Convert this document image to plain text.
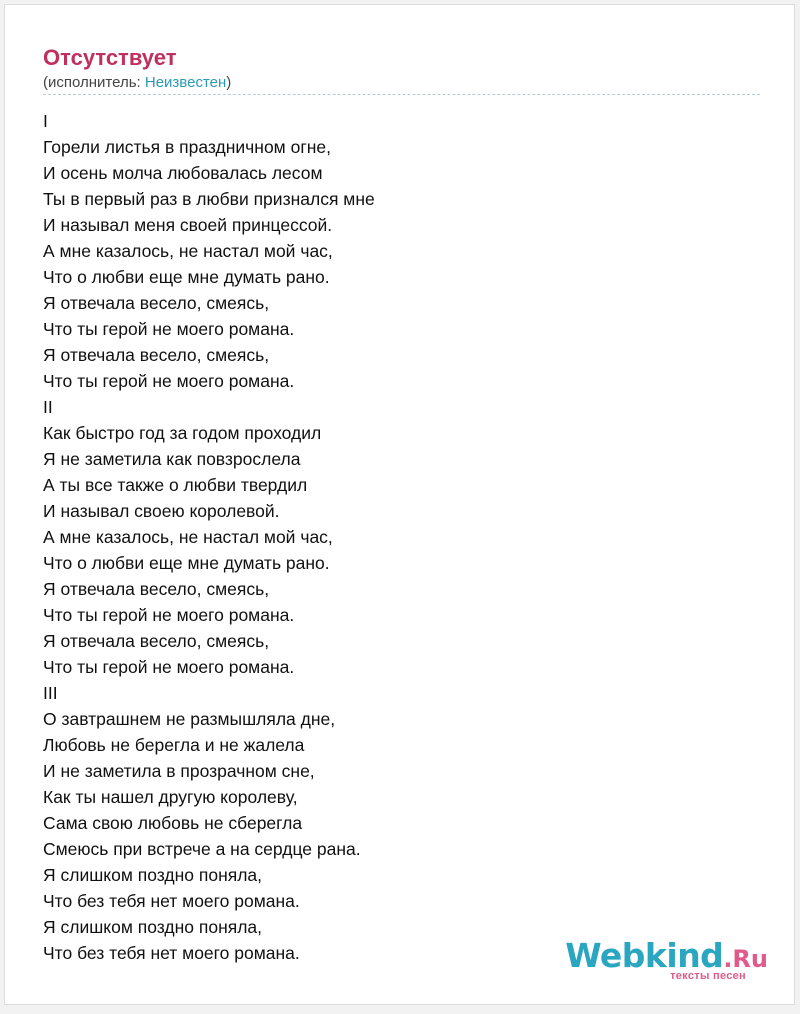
Отсутствует
(исполнитель: Неизвестен)
I
Горели листья в праздничном огне,
И осень молча любовалась лесом
Ты в первый раз в любви признался мне
И называл меня своей принцессой.
А мне казалось, не настал мой час,
Что о любви еще мне думать рано.
Я отвечала весело, смеясь,
Что ты герой не моего романа.
Я отвечала весело, смеясь,
Что ты герой не моего романа.
II
Как быстро год за годом проходил
Я не заметила как повзрослела
А ты все также о любви твердил
И называл своею королевой.
А мне казалось, не настал мой час,
Что о любви еще мне думать рано.
Я отвечала весело, смеясь,
Что ты герой не моего романа.
Я отвечала весело, смеясь,
Что ты герой не моего романа.
III
О завтрашнем не размышляла дне,
Любовь не берегла и не жалела
И не заметила в прозрачном сне,
Как ты нашел другую королеву,
Сама свою любовь не сберегла
Смеюсь при встрече а на сердце рана.
Я слишком поздно поняла,
Что без тебя нет моего романа.
Я слишком поздно поняла,
Что без тебя нет моего романа.	Webkind.Ru
тексты песен
